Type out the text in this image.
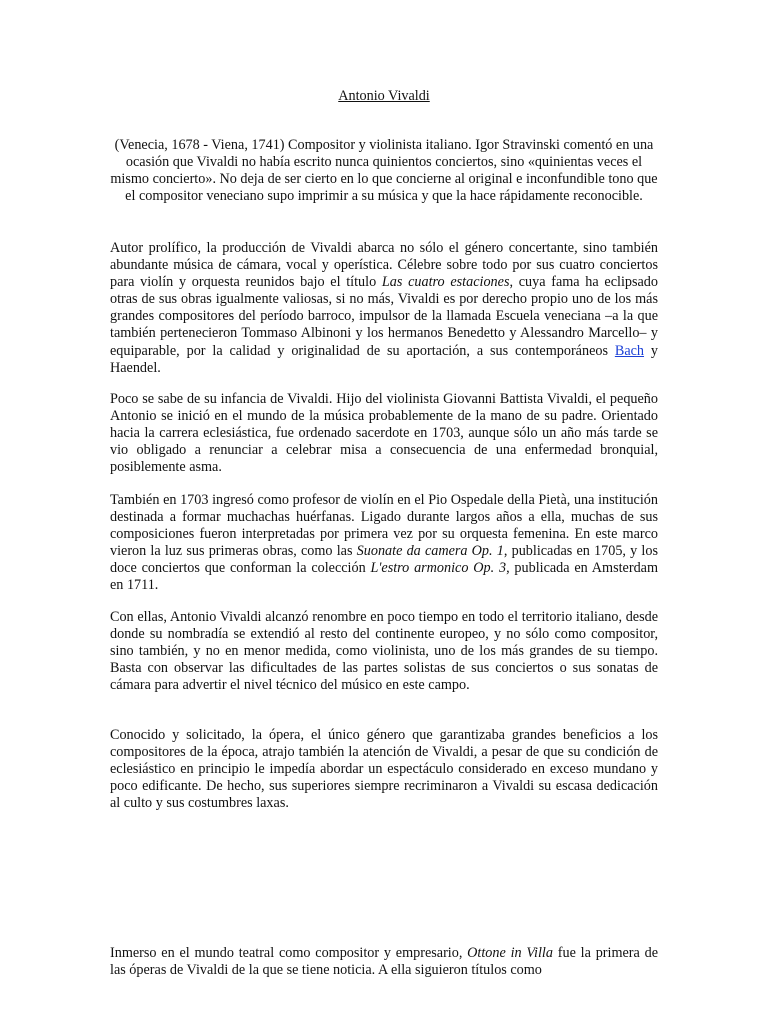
Antonio Vivaldi

(Venecia, 1678 - Viena, 1741) Compositor y violinista italiano. Igor Stravinski comentó en una ocasión que Vivaldi no había escrito nunca quinientos conciertos, sino «quinientas veces el mismo concierto». No deja de ser cierto en lo que concierne al original e inconfundible tono que el compositor veneciano supo imprimir a su música y que la hace rápidamente reconocible.

Autor prolífico, la producción de Vivaldi abarca no sólo el género concertante, sino también abundante música de cámara, vocal y operística. Célebre sobre todo por sus cuatro conciertos para violín y orquesta reunidos bajo el título Las cuatro estaciones, cuya fama ha eclipsado otras de sus obras igualmente valiosas, si no más, Vivaldi es por derecho propio uno de los más grandes compositores del período barroco, impulsor de la llamada Escuela veneciana –a la que también pertenecieron Tommaso Albinoni y los hermanos Benedetto y Alessandro Marcello– y equiparable, por la calidad y originalidad de su aportación, a sus contemporáneos Bach y Haendel.

Poco se sabe de su infancia de Vivaldi. Hijo del violinista Giovanni Battista Vivaldi, el pequeño Antonio se inició en el mundo de la música probablemente de la mano de su padre. Orientado hacia la carrera eclesiástica, fue ordenado sacerdote en 1703, aunque sólo un año más tarde se vio obligado a renunciar a celebrar misa a consecuencia de una enfermedad bronquial, posiblemente asma.

También en 1703 ingresó como profesor de violín en el Pio Ospedale della Pietà, una institución destinada a formar muchachas huérfanas. Ligado durante largos años a ella, muchas de sus composiciones fueron interpretadas por primera vez por su orquesta femenina. En este marco vieron la luz sus primeras obras, como las Suonate da camera Op. 1, publicadas en 1705, y los doce conciertos que conforman la colección L'estro armonico Op. 3, publicada en Amsterdam en 1711.

Con ellas, Antonio Vivaldi alcanzó renombre en poco tiempo en todo el territorio italiano, desde donde su nombradía se extendió al resto del continente europeo, y no sólo como compositor, sino también, y no en menor medida, como violinista, uno de los más grandes de su tiempo. Basta con observar las dificultades de las partes solistas de sus conciertos o sus sonatas de cámara para advertir el nivel técnico del músico en este campo.

Conocido y solicitado, la ópera, el único género que garantizaba grandes beneficios a los compositores de la época, atrajo también la atención de Vivaldi, a pesar de que su condición de eclesiástico en principio le impedía abordar un espectáculo considerado en exceso mundano y poco edificante. De hecho, sus superiores siempre recriminaron a Vivaldi su escasa dedicación al culto y sus costumbres laxas.

Inmerso en el mundo teatral como compositor y empresario, Ottone in Villa fue la primera de las óperas de Vivaldi de la que se tiene noticia. A ella siguieron títulos como
